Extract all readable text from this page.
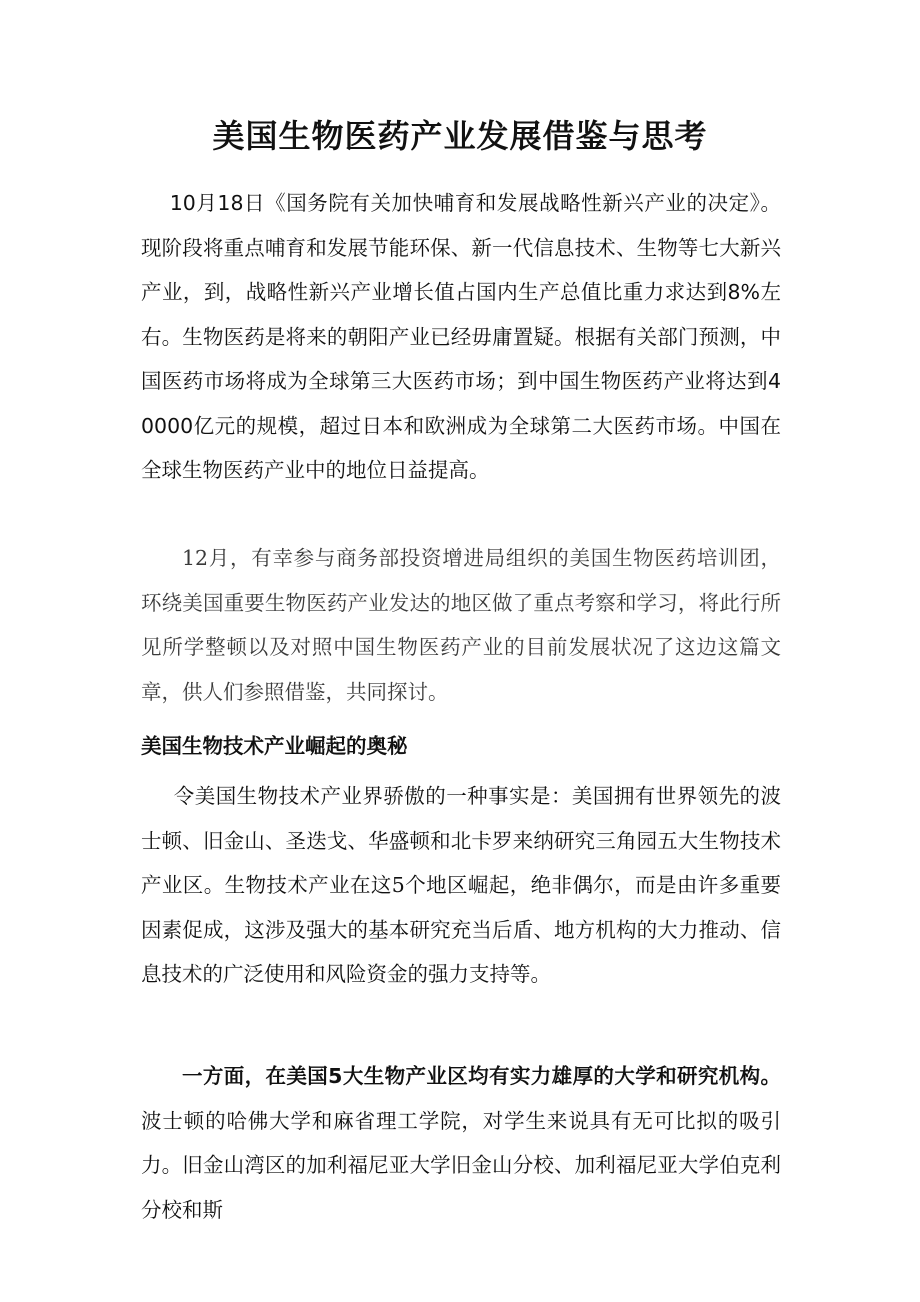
美国生物医药产业发展借鉴与思考

10月18日《国务院有关加快哺育和发展战略性新兴产业的决定》。现阶段将重点哺育和发展节能环保、新一代信息技术、生物等七大新兴产业，到，战略性新兴产业增长值占国内生产总值比重力求达到8%左右。生物医药是将来的朝阳产业已经毋庸置疑。根据有关部门预测，中国医药市场将成为全球第三大医药市场；到中国生物医药产业将达到40000亿元的规模，超过日本和欧洲成为全球第二大医药市场。中国在全球生物医药产业中的地位日益提高。

12月，有幸参与商务部投资增进局组织的美国生物医药培训团，环绕美国重要生物医药产业发达的地区做了重点考察和学习，将此行所见所学整顿以及对照中国生物医药产业的目前发展状况了这边这篇文章，供人们参照借鉴，共同探讨。

美国生物技术产业崛起的奥秘

令美国生物技术产业界骄傲的一种事实是：美国拥有世界领先的波士顿、旧金山、圣迭戈、华盛顿和北卡罗来纳研究三角园五大生物技术产业区。生物技术产业在这5个地区崛起，绝非偶尔，而是由许多重要因素促成，这涉及强大的基本研究充当后盾、地方机构的大力推动、信息技术的广泛使用和风险资金的强力支持等。

一方面，在美国5大生物产业区均有实力雄厚的大学和研究机构。波士顿的哈佛大学和麻省理工学院，对学生来说具有无可比拟的吸引力。旧金山湾区的加利福尼亚大学旧金山分校、加利福尼亚大学伯克利分校和斯
